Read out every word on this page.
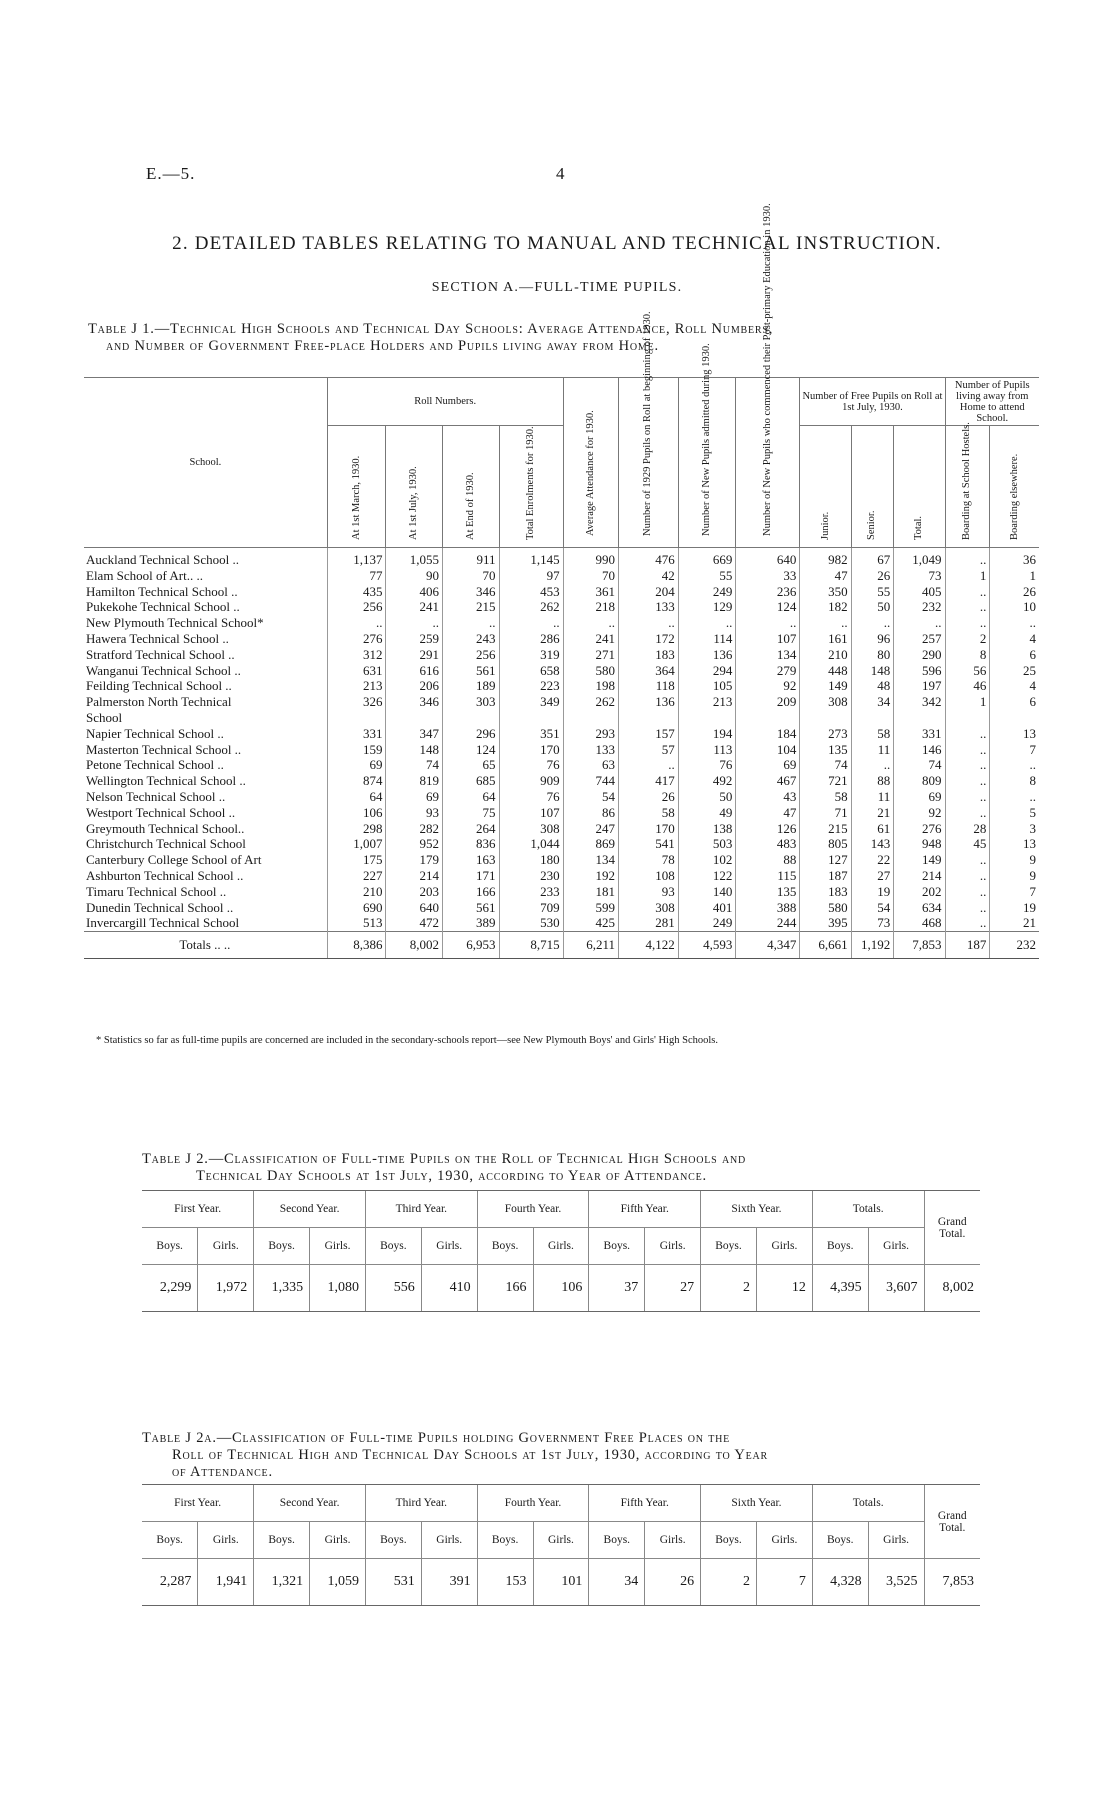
E.—5.	4
2. DETAILED TABLES RELATING TO MANUAL AND TECHNICAL INSTRUCTION.
SECTION A.—FULL-TIME PUPILS.
Table J 1.—Technical High Schools and Technical Day Schools: Average Attendance, Roll Numbers,
and Number of Government Free-place Holders and Pupils living away from Home.
School.	Roll Numbers.				Average Attendance for 1930.	Number of 1929 Pupils on Roll at beginning of 1930.	Number of New Pupils admitted during 1930.	Number of New Pupils who commenced their Post-primary Education in 1930.	Number of Free Pupils on Roll at 1st July, 1930.			Number of Pupils living away from Home to attend School.	
	At 1st March, 1930.	At 1st July, 1930.	At End of 1930.	Total Enrolments for 1930.					Junior.	Senior.	Total.	Boarding at School Hostels.	Boarding elsewhere.
Auckland Technical School ..	1,137	1,055	911	1,145	990	476	669	640	982	67	1,049	..	36
Elam School of Art.. ..	77	90	70	97	70	42	55	33	47	26	73	1	1
Hamilton Technical School ..	435	406	346	453	361	204	249	236	350	55	405	..	26
Pukekohe Technical School ..	256	241	215	262	218	133	129	124	182	50	232	..	10
New Plymouth Technical School*	..	..	..	..	..	..	..	..	..	..	..	..	..
Hawera Technical School ..	276	259	243	286	241	172	114	107	161	96	257	2	4
Stratford Technical School ..	312	291	256	319	271	183	136	134	210	80	290	8	6
Wanganui Technical School ..	631	616	561	658	580	364	294	279	448	148	596	56	25
Feilding Technical School ..	213	206	189	223	198	118	105	92	149	48	197	46	4
Palmerston North Technical	326	346	303	349	262	136	213	209	308	34	342	1	6
School													
Napier Technical School ..	331	347	296	351	293	157	194	184	273	58	331	..	13
Masterton Technical School ..	159	148	124	170	133	57	113	104	135	11	146	..	7
Petone Technical School ..	69	74	65	76	63	..	76	69	74	..	74	..	..
Wellington Technical School ..	874	819	685	909	744	417	492	467	721	88	809	..	8
Nelson Technical School ..	64	69	64	76	54	26	50	43	58	11	69	..	..
Westport Technical School ..	106	93	75	107	86	58	49	47	71	21	92	..	5
Greymouth Technical School..	298	282	264	308	247	170	138	126	215	61	276	28	3
Christchurch Technical School	1,007	952	836	1,044	869	541	503	483	805	143	948	45	13
Canterbury College School of Art	175	179	163	180	134	78	102	88	127	22	149	..	9
Ashburton Technical School ..	227	214	171	230	192	108	122	115	187	27	214	..	9
Timaru Technical School ..	210	203	166	233	181	93	140	135	183	19	202	..	7
Dunedin Technical School ..	690	640	561	709	599	308	401	388	580	54	634	..	19
Invercargill Technical School	513	472	389	530	425	281	249	244	395	73	468	..	21
Totals .. ..	8,386	8,002	6,953	8,715	6,211	4,122	4,593	4,347	6,661	1,192	7,853	187	232
* Statistics so far as full-time pupils are concerned are included in the secondary-schools report—see New Plymouth Boys' and Girls' High Schools.
Table J 2.—Classification of Full-time Pupils on the Roll of Technical High Schools and
Technical Day Schools at 1st July, 1930, according to Year of Attendance.
First Year.		Second Year.		Third Year.		Fourth Year.		Fifth Year.		Sixth Year.		Totals.		Grand Total.
Boys.	Girls.	Boys.	Girls.	Boys.	Girls.	Boys.	Girls.	Boys.	Girls.	Boys.	Girls.	Boys.	Girls.	
2,299	1,972	1,335	1,080	556	410	166	106	37	27	2	12	4,395	3,607	8,002
Table J 2a.—Classification of Full-time Pupils holding Government Free Places on the
Roll of Technical High and Technical Day Schools at 1st July, 1930, according to Year
of Attendance.
First Year.		Second Year.		Third Year.		Fourth Year.		Fifth Year.		Sixth Year.		Totals.		Grand Total.
Boys.	Girls.	Boys.	Girls.	Boys.	Girls.	Boys.	Girls.	Boys.	Girls.	Boys.	Girls.	Boys.	Girls.	
2,287	1,941	1,321	1,059	531	391	153	101	34	26	2	7	4,328	3,525	7,853
